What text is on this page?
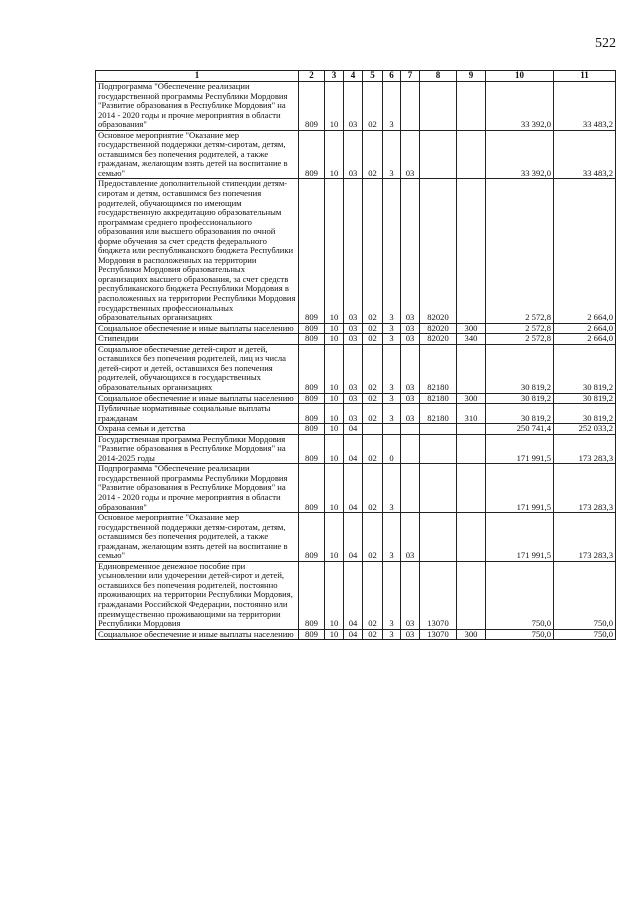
522
1	2	3	4	5	6	7	8	9	10	11
Подпрограмма "Обеспечение реализации государственной программы Республики Мордовия "Развитие образования в Республике Мордовия" на 2014 - 2020 годы и прочие мероприятия в области образования"	809	10	03	02	3				33 392,0	33 483,2
Основное мероприятие "Оказание мер государственной поддержки детям-сиротам, детям, оставшимся без попечения родителей, а также гражданам, желающим взять детей на воспитание в семью"	809	10	03	02	3	03			33 392,0	33 483,2
Предоставление дополнительной стипендии детям-сиротам и детям, оставшимся без попечения родителей, обучающимся по имеющим государственную аккредитацию образовательным программам среднего профессионального образования или высшего образования по очной форме обучения за счет средств федерального бюджета или республиканского бюджета Республики Мордовия в расположенных на территории Республики Мордовия образовательных организациях высшего образования, за счет средств республиканского бюджета Республики Мордовия в расположенных на территории Республики Мордовия государственных профессиональных образовательных организациях	809	10	03	02	3	03	82020		2 572,8	2 664,0
Социальное обеспечение и иные выплаты населению	809	10	03	02	3	03	82020	300	2 572,8	2 664,0
Стипендии	809	10	03	02	3	03	82020	340	2 572,8	2 664,0
Социальное обеспечение детей-сирот и детей, оставшихся без попечения родителей, лиц из числа детей-сирот и детей, оставшихся без попечения родителей, обучающихся в государственных образовательных организациях	809	10	03	02	3	03	82180		30 819,2	30 819,2
Социальное обеспечение и иные выплаты населению	809	10	03	02	3	03	82180	300	30 819,2	30 819,2
Публичные нормативные социальные выплаты гражданам	809	10	03	02	3	03	82180	310	30 819,2	30 819,2
Охрана семьи и детства	809	10	04						250 741,4	252 033,2
Государственная программа Республики Мордовия "Развитие образования в Республике Мордовия" на 2014-2025 годы	809	10	04	02	0				171 991,5	173 283,3
Подпрограмма "Обеспечение реализации государственной программы Республики Мордовия "Развитие образования в Республике Мордовия" на 2014 - 2020 годы и прочие мероприятия в области образования"	809	10	04	02	3				171 991,5	173 283,3
Основное мероприятие "Оказание мер государственной поддержки детям-сиротам, детям, оставшимся без попечения родителей, а также гражданам, желающим взять детей на воспитание в семью"	809	10	04	02	3	03			171 991,5	173 283,3
Единовременное денежное пособие при усыновлении или удочерении детей-сирот и детей, оставшихся без попечения родителей, постоянно проживающих на территории Республики Мордовия, гражданами Российской Федерации, постоянно или преимущественно проживающими на территории Республики Мордовия	809	10	04	02	3	03	13070		750,0	750,0
Социальное обеспечение и иные выплаты населению	809	10	04	02	3	03	13070	300	750,0	750,0
